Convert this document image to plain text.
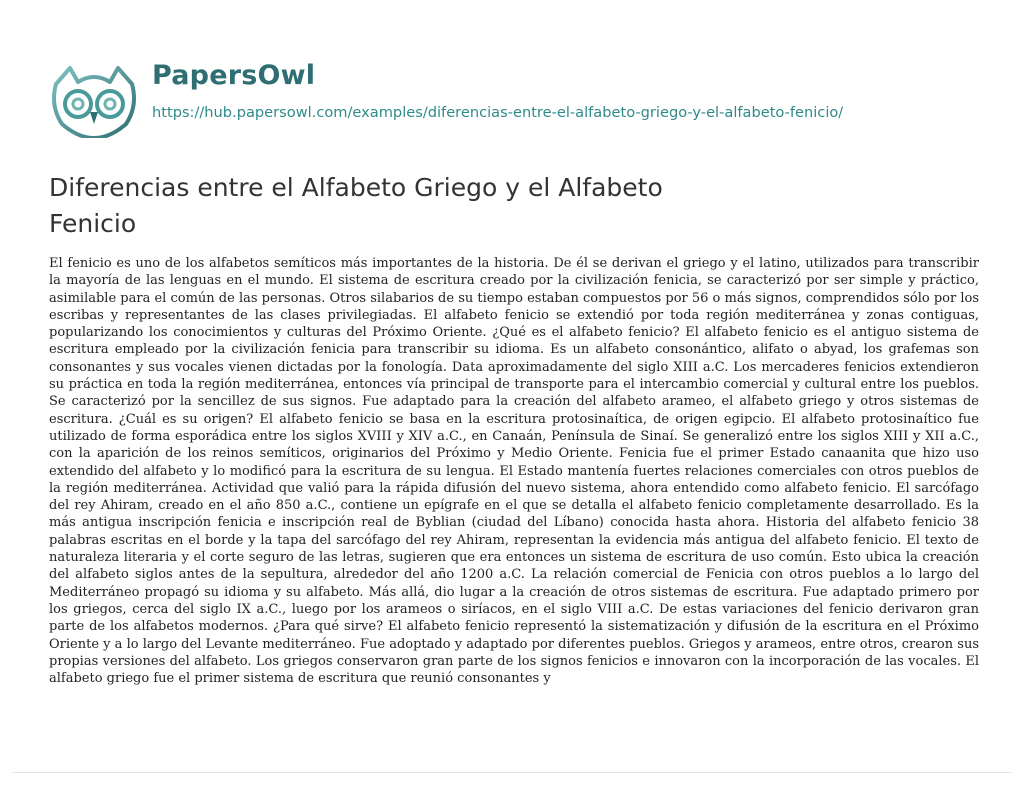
PapersOwl
https://hub.papersowl.com/examples/diferencias-entre-el-alfabeto-griego-y-el-alfabeto-fenicio/
Diferencias entre el Alfabeto Griego y el Alfabeto Fenicio

El fenicio es uno de los alfabetos semíticos más importantes de la historia. De él se derivan el griego y el latino, utilizados para transcribir la mayoría de las lenguas en el mundo. El sistema de escritura creado por la civilización fenicia, se caracterizó por ser simple y práctico, asimilable para el común de las personas. Otros silabarios de su tiempo estaban compuestos por 56 o más signos, comprendidos sólo por los escribas y representantes de las clases privilegiadas. El alfabeto fenicio se extendió por toda región mediterránea y zonas contiguas, popularizando los conocimientos y culturas del Próximo Oriente. ¿Qué es el alfabeto fenicio? El alfabeto fenicio es el antiguo sistema de escritura empleado por la civilización fenicia para transcribir su idioma. Es un alfabeto consonántico, alifato o abyad, los grafemas son consonantes y sus vocales vienen dictadas por la fonología. Data aproximadamente del siglo XIII a.C. Los mercaderes fenicios extendieron su práctica en toda la región mediterránea, entonces vía principal de transporte para el intercambio comercial y cultural entre los pueblos. Se caracterizó por la sencillez de sus signos. Fue adaptado para la creación del alfabeto arameo, el alfabeto griego y otros sistemas de escritura. ¿Cuál es su origen? El alfabeto fenicio se basa en la escritura protosinaítica, de origen egipcio. El alfabeto protosinaítico fue utilizado de forma esporádica entre los siglos XVIII y XIV a.C., en Canaán, Península de Sinaí. Se generalizó entre los siglos XIII y XII a.C., con la aparición de los reinos semíticos, originarios del Próximo y Medio Oriente. Fenicia fue el primer Estado canaanita que hizo uso extendido del alfabeto y lo modificó para la escritura de su lengua. El Estado mantenía fuertes relaciones comerciales con otros pueblos de la región mediterránea. Actividad que valió para la rápida difusión del nuevo sistema, ahora entendido como alfabeto fenicio. El sarcófago del rey Ahiram, creado en el año 850 a.C., contiene un epígrafe en el que se detalla el alfabeto fenicio completamente desarrollado. Es la más antigua inscripción fenicia e inscripción real de Byblian (ciudad del Líbano) conocida hasta ahora. Historia del alfabeto fenicio 38 palabras escritas en el borde y la tapa del sarcófago del rey Ahiram, representan la evidencia más antigua del alfabeto fenicio. El texto de naturaleza literaria y el corte seguro de las letras, sugieren que era entonces un sistema de escritura de uso común. Esto ubica la creación del alfabeto siglos antes de la sepultura, alrededor del año 1200 a.C. La relación comercial de Fenicia con otros pueblos a lo largo del Mediterráneo propagó su idioma y su alfabeto. Más allá, dio lugar a la creación de otros sistemas de escritura. Fue adaptado primero por los griegos, cerca del siglo IX a.C., luego por los arameos o siríacos, en el siglo VIII a.C. De estas variaciones del fenicio derivaron gran parte de los alfabetos modernos. ¿Para qué sirve? El alfabeto fenicio representó la sistematización y difusión de la escritura en el Próximo Oriente y a lo largo del Levante mediterráneo. Fue adoptado y adaptado por diferentes pueblos. Griegos y arameos, entre otros, crearon sus propias versiones del alfabeto. Los griegos conservaron gran parte de los signos fenicios e innovaron con la incorporación de las vocales. El alfabeto griego fue el primer sistema de escritura que reunió consonantes y
